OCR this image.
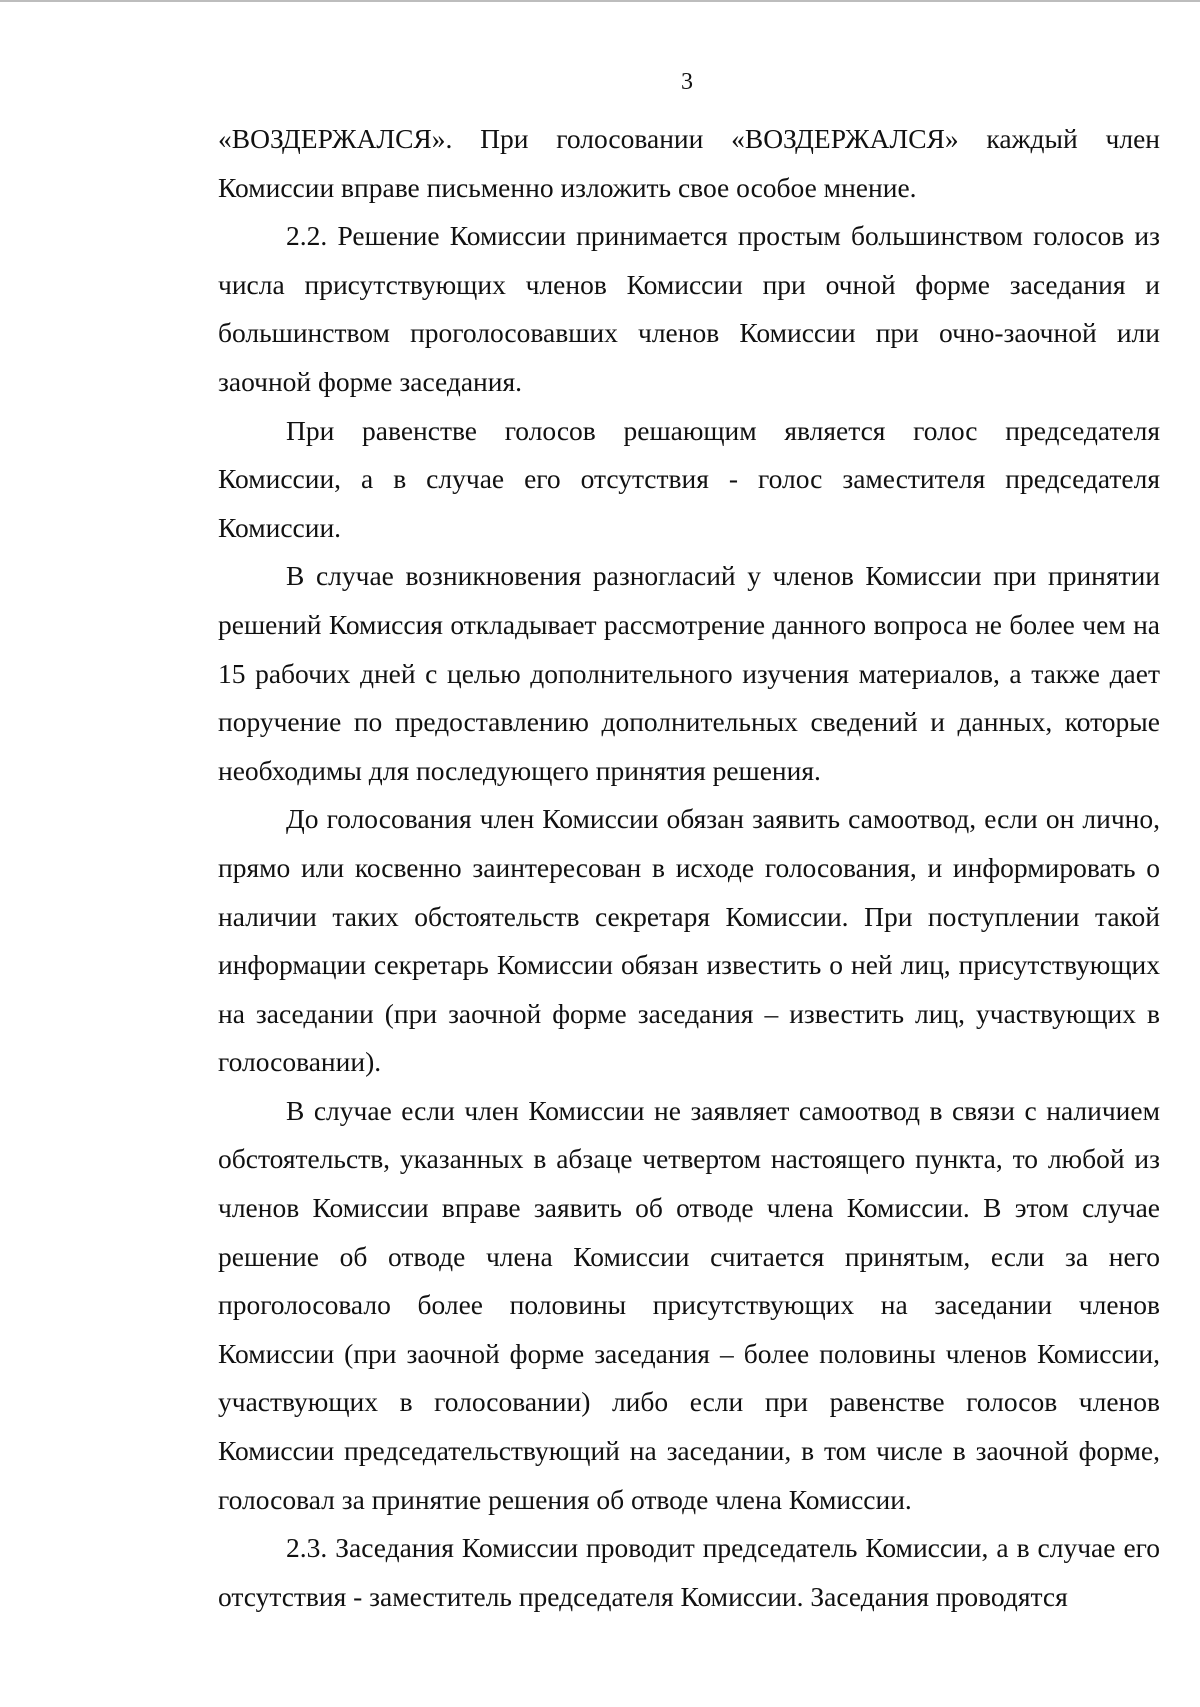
3

«ВОЗДЕРЖАЛСЯ». При голосовании «ВОЗДЕРЖАЛСЯ» каждый член Комиссии вправе письменно изложить свое особое мнение.

2.2. Решение Комиссии принимается простым большинством голосов из числа присутствующих членов Комиссии при очной форме заседания и большинством проголосовавших членов Комиссии при очно-заочной или заочной форме заседания.

При равенстве голосов решающим является голос председателя Комиссии, а в случае его отсутствия - голос заместителя председателя Комиссии.

В случае возникновения разногласий у членов Комиссии при принятии решений Комиссия откладывает рассмотрение данного вопроса не более чем на 15 рабочих дней с целью дополнительного изучения материалов, а также дает поручение по предоставлению дополнительных сведений и данных, которые необходимы для последующего принятия решения.

До голосования член Комиссии обязан заявить самоотвод, если он лично, прямо или косвенно заинтересован в исходе голосования, и информировать о наличии таких обстоятельств секретаря Комиссии. При поступлении такой информации секретарь Комиссии обязан известить о ней лиц, присутствующих на заседании (при заочной форме заседания – известить лиц, участвующих в голосовании).

В случае если член Комиссии не заявляет самоотвод в связи с наличием обстоятельств, указанных в абзаце четвертом настоящего пункта, то любой из членов Комиссии вправе заявить об отводе члена Комиссии. В этом случае решение об отводе члена Комиссии считается принятым, если за него проголосовало более половины присутствующих на заседании членов Комиссии (при заочной форме заседания – более половины членов Комиссии, участвующих в голосовании) либо если при равенстве голосов членов Комиссии председательствующий на заседании, в том числе в заочной форме, голосовал за принятие решения об отводе члена Комиссии.

2.3. Заседания Комиссии проводит председатель Комиссии, а в случае его отсутствия - заместитель председателя Комиссии. Заседания проводятся
